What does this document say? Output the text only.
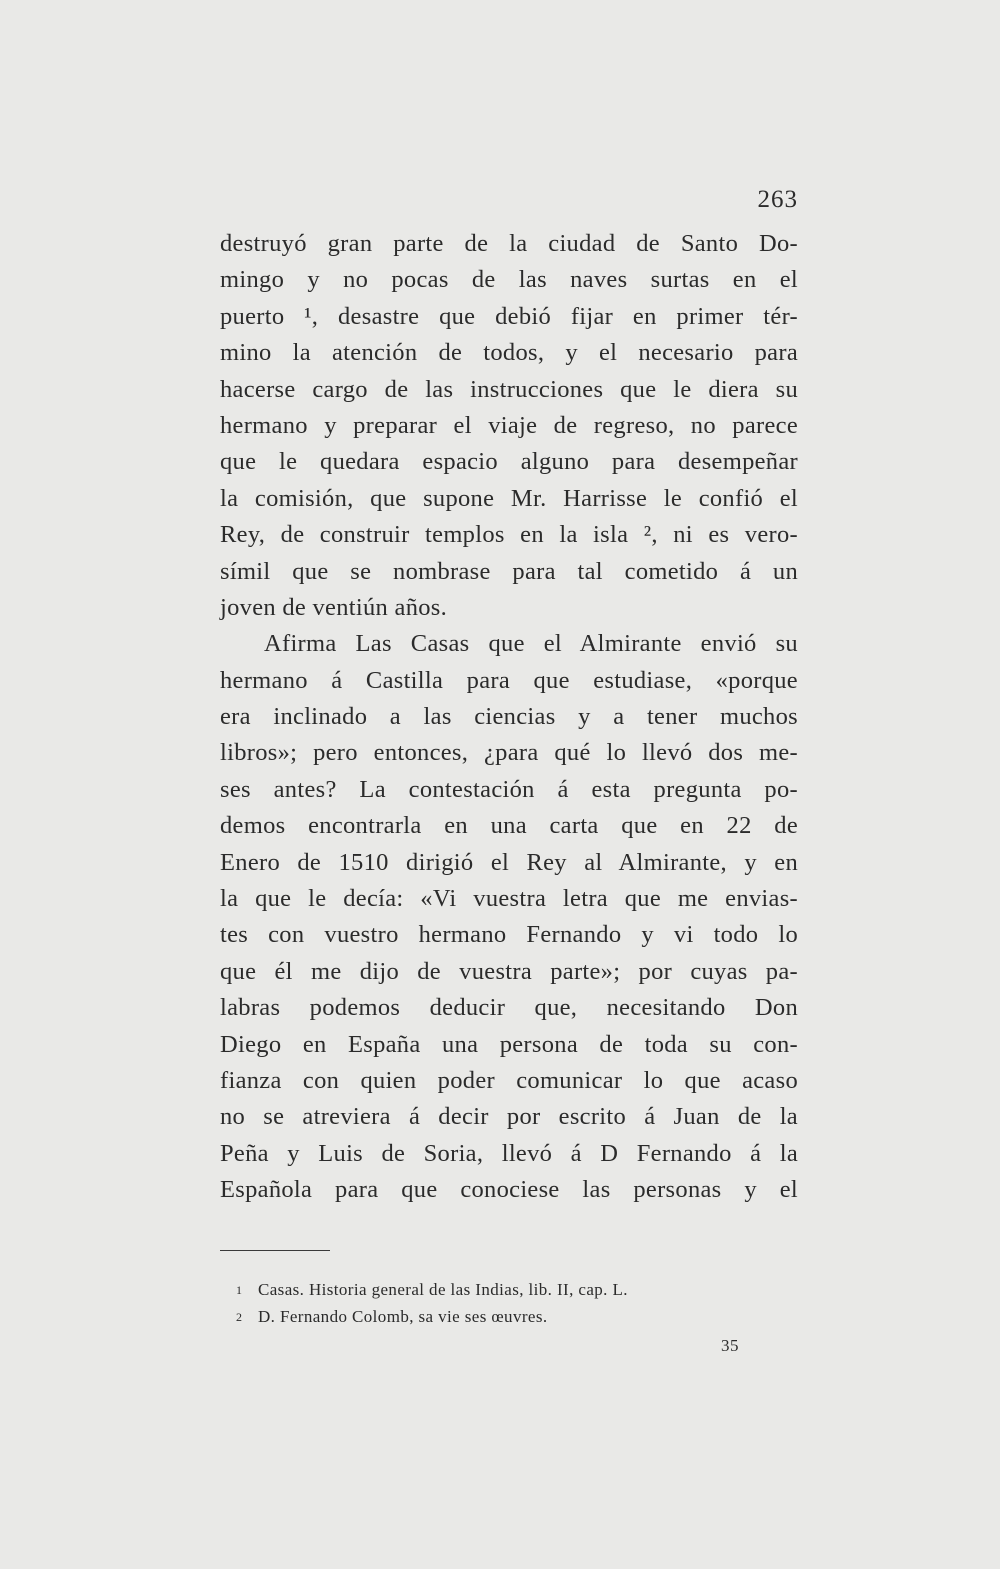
263
destruyó gran parte de la ciudad de Santo Do-
mingo y no pocas de las naves surtas en el
puerto ¹, desastre que debió fijar en primer tér-
mino la atención de todos, y el necesario para
hacerse cargo de las instrucciones que le diera su
hermano y preparar el viaje de regreso, no parece
que le quedara espacio alguno para desempeñar
la comisión, que supone Mr. Harrisse le confió el
Rey, de construir templos en la isla ², ni es vero-
símil que se nombrase para tal cometido á un
joven de ventiún años.
Afirma Las Casas que el Almirante envió su
hermano á Castilla para que estudiase, «porque
era inclinado a las ciencias y a tener muchos
libros»; pero entonces, ¿para qué lo llevó dos me-
ses antes? La contestación á esta pregunta po-
demos encontrarla en una carta que en 22 de
Enero de 1510 dirigió el Rey al Almirante, y en
la que le decía: «Vi vuestra letra que me envias-
tes con vuestro hermano Fernando y vi todo lo
que él me dijo de vuestra parte»; por cuyas pa-
labras podemos deducir que, necesitando Don
Diego en España una persona de toda su con-
fianza con quien poder comunicar lo que acaso
no se atreviera á decir por escrito á Juan de la
Peña y Luis de Soria, llevó á D Fernando á la
Española para que conociese las personas y el
1 Casas. Historia general de las Indias, lib. II, cap. L.
2 D. Fernando Colomb, sa vie ses œuvres.
35
